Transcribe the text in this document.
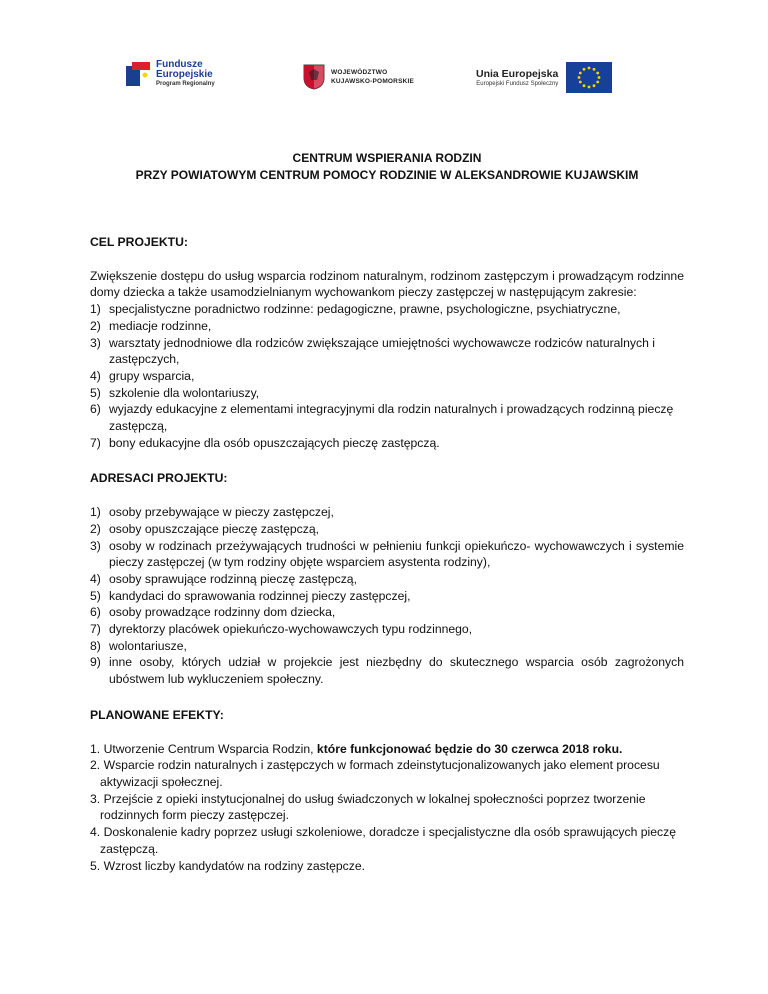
Fundusze
Europejskie
Program Regionalny
WOJEWÓDZTWO
KUJAWSKO-POMORSKIE
Unia Europejska
Europejski Fundusz Społeczny

CENTRUM WSPIERANIA RODZIN

PRZY POWIATOWYM CENTRUM POMOCY RODZINIE W ALEKSANDROWIE KUJAWSKIM

CEL PROJEKTU:

Zwiększenie dostępu do usług wsparcia rodzinom naturalnym, rodzinom zastępczym i prowadzącym rodzinne domy dziecka a także usamodzielnianym wychowankom pieczy zastępczej w następującym zakresie:

1) specjalistyczne poradnictwo rodzinne: pedagogiczne, prawne, psychologiczne, psychiatryczne,
2) mediacje rodzinne,
3) warsztaty jednodniowe dla rodziców zwiększające umiejętności wychowawcze rodziców naturalnych i zastępczych,
4) grupy wsparcia,
5) szkolenie dla wolontariuszy,
6) wyjazdy edukacyjne z elementami integracyjnymi dla rodzin naturalnych i prowadzących rodzinną pieczę zastępczą,
7) bony edukacyjne dla osób opuszczających pieczę zastępczą.

ADRESACI PROJEKTU:

1) osoby przebywające w pieczy zastępczej,
2) osoby opuszczające pieczę zastępczą,
3) osoby w rodzinach przeżywających trudności w pełnieniu funkcji opiekuńczo- wychowawczych i systemie pieczy zastępczej (w tym rodziny objęte wsparciem asystenta rodziny),
4) osoby sprawujące rodzinną pieczę zastępczą,
5) kandydaci do sprawowania rodzinnej pieczy zastępczej,
6) osoby prowadzące rodzinny dom dziecka,
7) dyrektorzy placówek opiekuńczo-wychowawczych typu rodzinnego,
8) wolontariusze,
9) inne osoby, których udział w projekcie jest niezbędny do skutecznego wsparcia osób zagrożonych ubóstwem lub wykluczeniem społeczny.

PLANOWANE EFEKTY:

1. Utworzenie Centrum Wsparcia Rodzin, które funkcjonować będzie do 30 czerwca 2018 roku.
2. Wsparcie rodzin naturalnych i zastępczych w formach zdeinstytucjonalizowanych jako element procesu aktywizacji społecznej.
3. Przejście z opieki instytucjonalnej do usług świadczonych w lokalnej społeczności poprzez tworzenie rodzinnych form pieczy zastępczej.
4. Doskonalenie kadry poprzez usługi szkoleniowe, doradcze i specjalistyczne dla osób sprawujących pieczę zastępczą.
5. Wzrost liczby kandydatów na rodziny zastępcze.
